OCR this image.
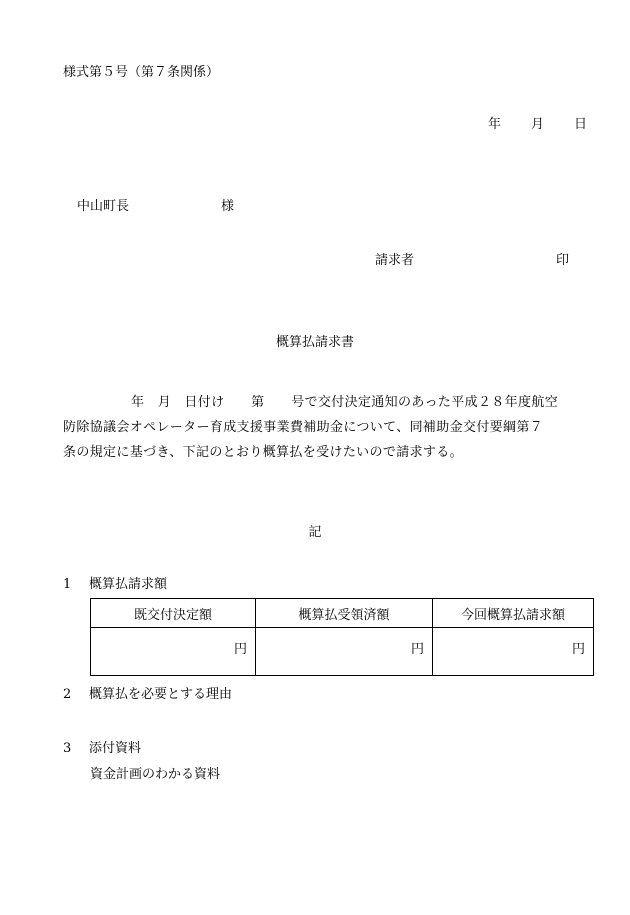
様式第５号（第７条関係）
年 月 日
中山町長	様
請求者	印
概算払請求書

年　月　日付け　　第　　号で交付決定通知のあった平成２８年度航空

防除協議会オペレーター育成支援事業費補助金について、同補助金交付要綱第７

条の規定に基づき、下記のとおり概算払を受けたいので請求する。

記
1 概算払請求額
既交付決定額	概算払受領済額	今回概算払請求額
円	円	円
2 概算払を必要とする理由
3 添付資料
資金計画のわかる資料
